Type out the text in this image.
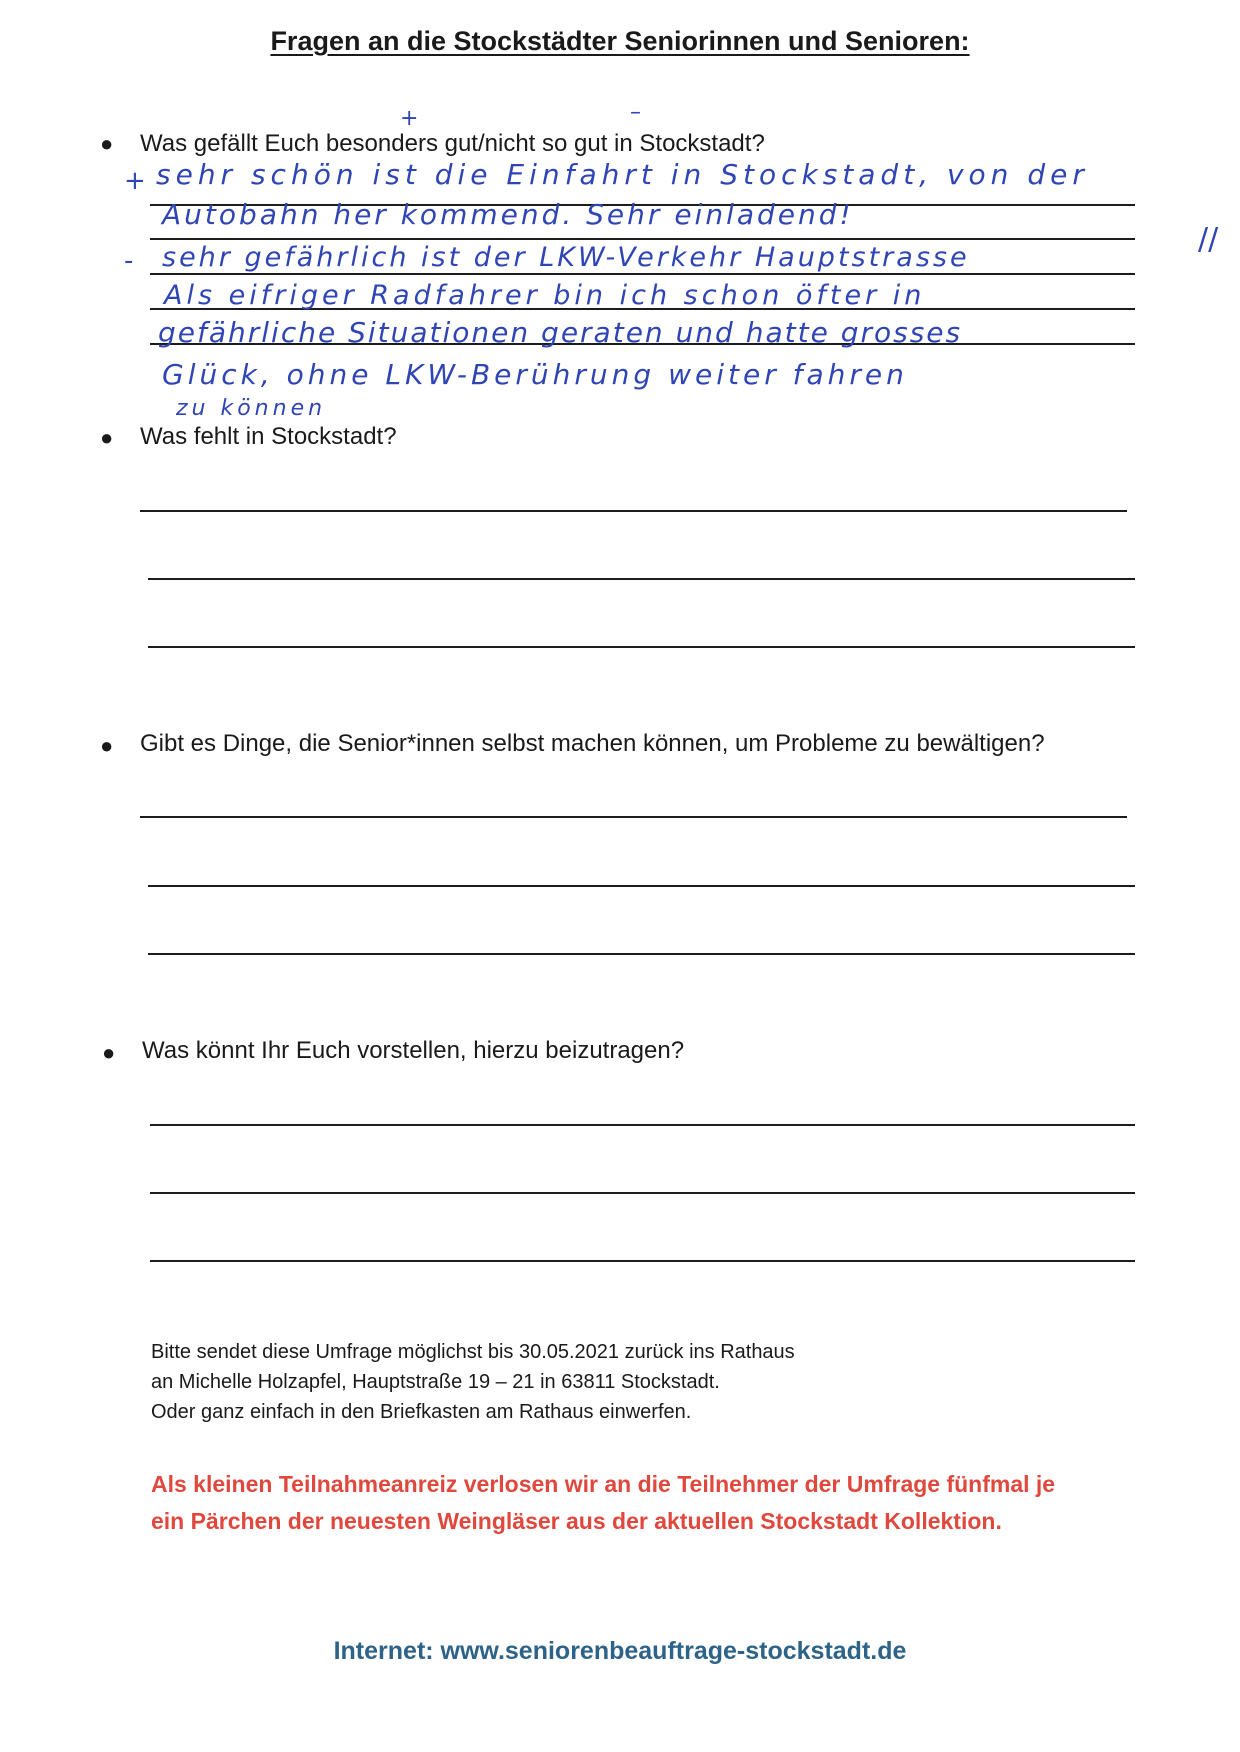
Fragen an die Stockstädter Seniorinnen und Senioren:
● Was gefällt Euch besonders gut/nicht so gut in Stockstadt?
+	–
+
-
//
sehr schön ist die Einfahrt in Stockstadt, von der
Autobahn her kommend. Sehr einladend!
sehr gefährlich ist der LKW-Verkehr Hauptstrasse
Als eifriger Radfahrer bin ich schon öfter in
gefährliche Situationen geraten und hatte grosses
Glück, ohne LKW-Berührung weiter fahren
zu können
● Was fehlt in Stockstadt?
● Gibt es Dinge, die Senior*innen selbst machen können, um Probleme zu bewältigen?
● Was könnt Ihr Euch vorstellen, hierzu beizutragen?
Bitte sendet diese Umfrage möglichst bis 30.05.2021 zurück ins Rathaus
an Michelle Holzapfel, Hauptstraße 19 – 21 in 63811 Stockstadt.
Oder ganz einfach in den Briefkasten am Rathaus einwerfen.
Als kleinen Teilnahmeanreiz verlosen wir an die Teilnehmer der Umfrage fünfmal je
ein Pärchen der neuesten Weingläser aus der aktuellen Stockstadt Kollektion.
Internet: www.seniorenbeauftrage-stockstadt.de
